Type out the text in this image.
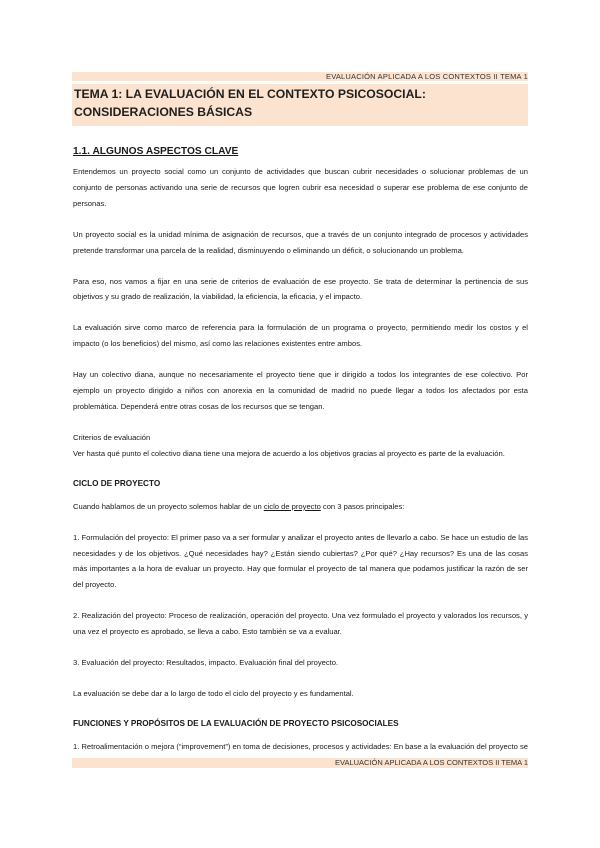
EVALUACIÓN APLICADA A LOS CONTEXTOS II TEMA 1
TEMA 1: LA EVALUACIÓN EN EL CONTEXTO PSICOSOCIAL: CONSIDERACIONES BÁSICAS
1.1. ALGUNOS ASPECTOS CLAVE

Entendemos un proyecto social como un conjunto de actividades que buscan cubrir necesidades o solucionar problemas de un conjunto de personas activando una serie de recursos que logren cubrir esa necesidad o superar ese problema de ese conjunto de personas.

Un proyecto social es la unidad mínima de asignación de recursos, que a través de un conjunto integrado de procesos y actividades pretende transformar una parcela de la realidad, disminuyendo o eliminando un déficit, o solucionando un problema.

Para eso, nos vamos a fijar en una serie de criterios de evaluación de ese proyecto. Se trata de determinar la pertinencia de sus objetivos y su grado de realización, la viabilidad, la eficiencia, la eficacia, y el impacto.

La evaluación sirve como marco de referencia para la formulación de un programa o proyecto, permitiendo medir los costos y el impacto (o los beneficios) del mismo, así como las relaciones existentes entre ambos.

Hay un colectivo diana, aunque no necesariamente el proyecto tiene que ir dirigido a todos los integrantes de ese colectivo. Por ejemplo un proyecto dirigido a niños con anorexia en la comunidad de madrid no puede llegar a todos los afectados por esta problemática. Dependerá entre otras cosas de los recursos que se tengan.

Criterios de evaluación

Ver hasta qué punto el colectivo diana tiene una mejora de acuerdo a los objetivos gracias al proyecto es parte de la evaluación.

CICLO DE PROYECTO

Cuando hablamos de un proyecto solemos hablar de un ciclo de proyecto con 3 pasos principales:

1. Formulación del proyecto: El primer paso va a ser formular y analizar el proyecto antes de llevarlo a cabo. Se hace un estudio de las necesidades y de los objetivos. ¿Qué necesidades hay? ¿Están siendo cubiertas? ¿Por qué? ¿Hay recursos? Es una de las cosas más importantes a la hora de evaluar un proyecto. Hay que formular el proyecto de tal manera que podamos justificar la razón de ser del proyecto.

2. Realización del proyecto: Proceso de realización, operación del proyecto. Una vez formulado el proyecto y valorados los recursos, y una vez el proyecto es aprobado, se lleva a cabo. Esto también se va a evaluar.

3. Evaluación del proyecto: Resultados, impacto. Evaluación final del proyecto.

La evaluación se debe dar a lo largo de todo el ciclo del proyecto y es fundamental.

FUNCIONES Y PROPÓSITOS DE LA EVALUACIÓN DE PROYECTO PSICOSOCIALES

1. Retroalimentación o mejora (“improvement”) en toma de decisiones, procesos y actividades: En base a la evaluación del proyecto se

EVALUACIÓN APLICADA A LOS CONTEXTOS II TEMA 1
